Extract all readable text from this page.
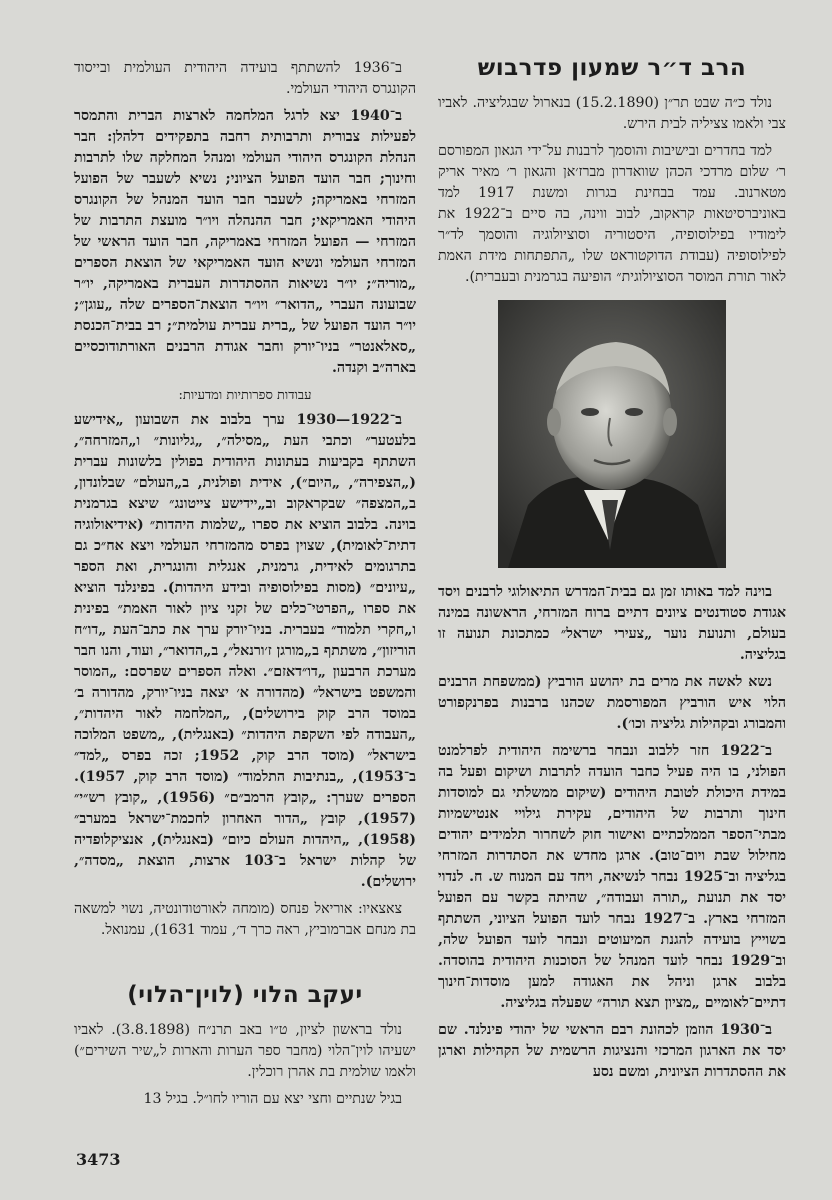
הרב ד״ר שמעון פדרבוש

נולד כ״ה שבט תר״ן (15.2.1890) בנארול שבגליציה. לאביו צבי ולאמו צציליה לבית הירש.

למד בחדרים ובישיבות והוסמך לרבנות על־ידי הגאון המפורסם ר׳ שלום מרדכי הכהן שוואדרון מברז׳אן והגאון ר׳ מאיר אריק מטארנוב. עמד בבחינת בגרות ומשנת 1917 למד באוניברסיטאות קראקוב, לבוב ווינה, בה סיים ב־1922 את לימודיו בפילוסופיה, היסטוריה וסוציולוגיה והוסמך לד״ר לפילוסופיה (עבודת הדוקטוראט שלו „התפתחות מידת האמת לאור תורת המוסר הסוציולוגית״ הופיעה בגרמנית ובעברית).

בוינה למד באותו זמן גם בבית־המדרש התיאולוגי לרבנים ויסד אגודת סטודנטים ציונים דתיים ברוח המזרחי, הראשונה במינה בעולם, ותנועת נוער „צעירי ישראל״ כמתכונת תנועה זו בגליציה.

נשא לאשה את מרים בת יהושע הורביץ (ממשפחת הרבנים הלוי איש הורביץ המפורסמת שכהנו ברבנות בפרנקפורט והמבורג ובקהילות גליציה וכו׳).

ב־1922 חזר ללבוב ונבחר ברשימה היהודית לפרלמנט הפולני, בו היה פעיל כחבר הועדה לתרבות ושיקום ופעל בה במידת היכולת לטובת היהודים (שיקום ממשלתי גם למוסדות חינוך ותרבות של היהודים, עקירת גילויי אנטישמיות מבתי־הספר הממלכתיים ואישור חוק לשחרור תלמידים יהודים מחילול שבת ויום־טוב). ארגן מחדש את הסתדרות המזרחי בגליציה וב־1925 נבחר לנשיאה, ויחד עם המנוח ש. ח. לנדוי יסד את תנועת „תורה ועבודה״, שהיתה בקשר עם הפועל המזרחי בארץ. ב־1927 נבחר לועד הפועל הציוני, השתתף בשוייץ בועידה להגנת המיעוטים ונבחר לועד הפועל שלה, וב־1929 נבחר לועד המנהל של הסוכנות היהודית בהוסדה. בלבוב ארגן וניהל את האגודה למען מוסדות־חינוך דתיים־לאומיים „מציון תצא תורה״ שפעלה בגליציה.

ב־1930 הוזמן לכהונת רבם הראשי של יהודי פינלנד. שם יסד את הארגון המרכזי והנציגות הרשמית של הקהילות וארגן את ההסתדרות הציונית, ומשם נסע

ב־1936 להשתתף בועידה היהודית העולמית ובייסוד הקונגרס היהודי העולמי.

ב־1940 יצא לרגל המלחמה לארצות הברית והתמסר לפעילות צבורית ותרבותית רחבה בתפקידים דלהלן: חבר הנהלת הקונגרס היהודי העולמי ומנהל המחלקה שלו לתרבות וחינוך; חבר הועד הפועל הציוני; נשיא לשעבר של הפועל המזרחי באמריקה; לשעבר חבר הועד המנהל של הקונגרס היהודי האמריקאי; חבר ההנהלה ויו״ר מועצת התרבות של המזרחי — הפועל המזרחי באמריקה, חבר הועד הראשי של המזרחי העולמי ונשיא הועד האמריקאי של הוצאת הספרים „מוריה״; יו״ר נשיאות ההסתדרות העברית באמריקה, יו״ר שבועונה העברי „הדואר״ ויו״ר הוצאת־הספרים שלה „עוגן״; יו״ר הועד הפועל של „ברית עברית עולמית״; רב בבית־הכנסת „סאלאנטר״ בניו־יורק וחבר אגודת הרבנים האורתודוכסיים בארה״ב וקנדה.

עבודות ספרותיות ומדעיות:

ב־1922—1930 ערך בלבוב את השבועון „אידישע בלעטער״ וכתבי העת „מסילה״, „גליונות״ ו„המזרחה״, השתתף בקביעות בעתונות היהודית בפולין בלשונות עברית („הצפירה״, „היום״), אידית ופולנית, ב„העולם״ שבלונדון, ב„המצפה״ שבקראקוב וב„יידישע צייטונג״ שיצא בגרמנית בוינה. בלבוב הוציא את ספרו „שלמות היהדות״ (אידיאולוגיה דתית־לאומית), שצוין בפרס מהמזרחי העולמי ויצא אח״כ גם בתרגומים לאידית, גרמנית, אנגלית והונגרית, ואת הספר „עיונים״ (מסות בפילוסופיה ובידע היהדות). בפינלנד הוציא את ספרו „הפרטי־כלים של זקני ציון לאור האמת״ בפינית ו„חקרי תלמוד״ בעברית. בניו־יורק ערך את כתב־העת „דו״ח הוריזון״, משתתף ב„מורגן ז׳ורנאל״, ב„הדואר״, ועוד, והנו חבר מערכת הרבעון „דו״דאזם״. ואלה הספרים שפרסם: „המוסר והמשפט בישראל״ (מהדורה א׳ יצאה בניו־יורק, מהדורה ב׳ במוסד הרב קוק בירושלים), „המלחמה לאור היהדות״, „העבודה לפי השקפת היהדות״ (באנגלית), „משפט המלוכה בישראל״ (מוסד הרב קוק, 1952; זכה בפרס „למד״ ב־1953), „בנתיבות התלמוד״ (מוסד הרב קוק, 1957). הספרים שערך: „קובץ הרמב״ם״ (1956), „קובץ רש״י״ (1957), קובץ „הדור האחרון לחכמת־ישראל במערב״ (1958), „היהדות העולם כיום״ (באנגלית), אנציקלופדיה של קהלות ישראל ב־103 ארצות, הוצאת „מסדה״, ירושלים).

צאצאיו: אוריאל פנחס (מומחה לאורטודונטיה, נשוי למשאה בת מנחם אברמוביץ, ראה כרך ד׳, עמוד 1631), עמנואל.

יעקב הלוי (לוין־הלוי)

נולד בראשון לציון, ט״ו באב תרנ״ח (3.8.1898). לאביו ישעיהו לוין־הלוי (מחבר ספר הערות והארות ל„שיר השירים״) ולאמו שולמית בת אהרן רוכלין.

בגיל שנתיים וחצי יצא עם הוריו לחו״ל. בגיל 13

3473
